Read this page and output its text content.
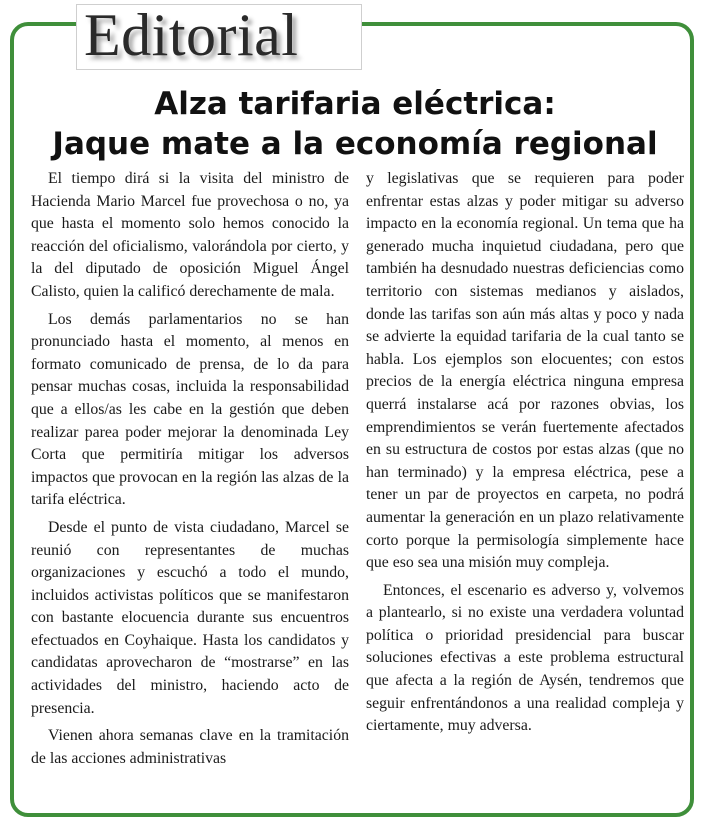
Editorial
Alza tarifaria eléctrica:
Jaque mate a la economía regional

El tiempo dirá si la visita del ministro de Hacienda Mario Marcel fue provechosa o no, ya que hasta el momento solo hemos conocido la reacción del oficialismo, valorándola por cierto, y la del diputado de oposición Miguel Ángel Calisto, quien la calificó derechamente de mala.

Los demás parlamentarios no se han pronunciado hasta el momento, al menos en formato comunicado de prensa, de lo da para pensar muchas cosas, incluida la responsabilidad que a ellos/as les cabe en la gestión que deben realizar parea poder mejorar la denominada Ley Corta que permitiría mitigar los adversos impactos que provocan en la región las alzas de la tarifa eléctrica.

Desde el punto de vista ciudadano, Marcel se reunió con representantes de muchas organizaciones y escuchó a todo el mundo, incluidos activistas políticos que se manifestaron con bastante elocuencia durante sus encuentros efectuados en Coyhaique. Hasta los candidatos y candidatas aprovecharon de “mostrarse” en las actividades del ministro, haciendo acto de presencia.

Vienen ahora semanas clave en la tramitación de las acciones administrativas

y legislativas que se requieren para poder enfrentar estas alzas y poder mitigar su adverso impacto en la economía regional. Un tema que ha generado mucha inquietud ciudadana, pero que también ha desnudado nuestras deficiencias como territorio con sistemas medianos y aislados, donde las tarifas son aún más altas y poco y nada se advierte la equidad tarifaria de la cual tanto se habla. Los ejemplos son elocuentes; con estos precios de la energía eléctrica ninguna empresa querrá instalarse acá por razones obvias, los emprendimientos se verán fuertemente afectados en su estructura de costos por estas alzas (que no han terminado) y la empresa eléctrica, pese a tener un par de proyectos en carpeta, no podrá aumentar la generación en un plazo relativamente corto porque la permisología simplemente hace que eso sea una misión muy compleja.

Entonces, el escenario es adverso y, volvemos a plantearlo, si no existe una verdadera voluntad política o prioridad presidencial para buscar soluciones efectivas a este problema estructural que afecta a la región de Aysén, tendremos que seguir enfrentándonos a una realidad compleja y ciertamente, muy adversa.
